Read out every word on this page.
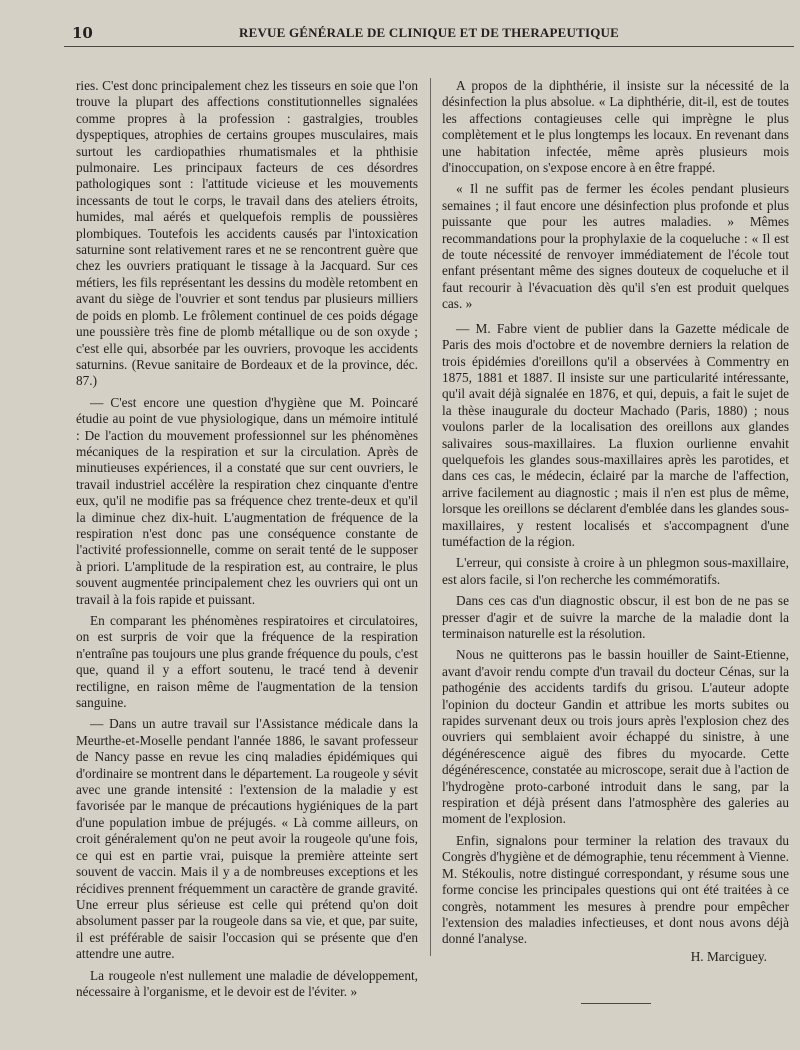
10	REVUE GÉNÉRALE DE CLINIQUE ET DE THERAPEUTIQUE

ries. C'est donc principalement chez les tisseurs en soie que l'on trouve la plupart des affections constitutionnelles signalées comme propres à la profession : gastralgies, troubles dyspeptiques, atrophies de certains groupes musculaires, mais surtout les cardiopathies rhumatismales et la phthisie pulmonaire. Les principaux facteurs de ces désordres pathologiques sont : l'attitude vicieuse et les mouvements incessants de tout le corps, le travail dans des ateliers étroits, humides, mal aérés et quelquefois remplis de poussières plombiques. Toutefois les accidents causés par l'intoxication saturnine sont relativement rares et ne se rencontrent guère que chez les ouvriers pratiquant le tissage à la Jacquard. Sur ces métiers, les fils représentant les dessins du modèle retombent en avant du siège de l'ouvrier et sont tendus par plusieurs milliers de poids en plomb. Le frôlement continuel de ces poids dégage une poussière très fine de plomb métallique ou de son oxyde ; c'est elle qui, absorbée par les ouvriers, provoque les accidents saturnins. (Revue sanitaire de Bordeaux et de la province, déc. 87.)

— C'est encore une question d'hygiène que M. Poincaré étudie au point de vue physiologique, dans un mémoire intitulé : De l'action du mouvement professionnel sur les phénomènes mécaniques de la respiration et sur la circulation. Après de minutieuses expériences, il a constaté que sur cent ouvriers, le travail industriel accélère la respiration chez cinquante d'entre eux, qu'il ne modifie pas sa fréquence chez trente-deux et qu'il la diminue chez dix-huit. L'augmentation de fréquence de la respiration n'est donc pas une conséquence constante de l'activité professionnelle, comme on serait tenté de le supposer à priori. L'amplitude de la respiration est, au contraire, le plus souvent augmentée principalement chez les ouvriers qui ont un travail à la fois rapide et puissant.

En comparant les phénomènes respiratoires et circulatoires, on est surpris de voir que la fréquence de la respiration n'entraîne pas toujours une plus grande fréquence du pouls, c'est que, quand il y a effort soutenu, le tracé tend à devenir rectiligne, en raison même de l'augmentation de la tension sanguine.

— Dans un autre travail sur l'Assistance médicale dans la Meurthe-et-Moselle pendant l'année 1886, le savant professeur de Nancy passe en revue les cinq maladies épidémiques qui d'ordinaire se montrent dans le département. La rougeole y sévit avec une grande intensité : l'extension de la maladie y est favorisée par le manque de précautions hygiéniques de la part d'une population imbue de préjugés. « Là comme ailleurs, on croit généralement qu'on ne peut avoir la rougeole qu'une fois, ce qui est en partie vrai, puisque la première atteinte sert souvent de vaccin. Mais il y a de nombreuses exceptions et les récidives prennent fréquemment un caractère de grande gravité. Une erreur plus sérieuse est celle qui prétend qu'on doit absolument passer par la rougeole dans sa vie, et que, par suite, il est préférable de saisir l'occasion qui se présente que d'en attendre une autre.

La rougeole n'est nullement une maladie de développement, nécessaire à l'organisme, et le devoir est de l'éviter. »

A propos de la diphthérie, il insiste sur la nécessité de la désinfection la plus absolue. « La diphthérie, dit-il, est de toutes les affections contagieuses celle qui imprègne le plus complètement et le plus longtemps les locaux. En revenant dans une habitation infectée, même après plusieurs mois d'inoccupation, on s'expose encore à en être frappé.

« Il ne suffit pas de fermer les écoles pendant plusieurs semaines ; il faut encore une désinfection plus profonde et plus puissante que pour les autres maladies. » Mêmes recommandations pour la prophylaxie de la coqueluche : « Il est de toute nécessité de renvoyer immédiatement de l'école tout enfant présentant même des signes douteux de coqueluche et il faut recourir à l'évacuation dès qu'il s'en est produit quelques cas. »

— M. Fabre vient de publier dans la Gazette médicale de Paris des mois d'octobre et de novembre derniers la relation de trois épidémies d'oreillons qu'il a observées à Commentry en 1875, 1881 et 1887. Il insiste sur une particularité intéressante, qu'il avait déjà signalée en 1876, et qui, depuis, a fait le sujet de la thèse inaugurale du docteur Machado (Paris, 1880) ; nous voulons parler de la localisation des oreillons aux glandes salivaires sous-maxillaires. La fluxion ourlienne envahit quelquefois les glandes sous-maxillaires après les parotides, et dans ces cas, le médecin, éclairé par la marche de l'affection, arrive facilement au diagnostic ; mais il n'en est plus de même, lorsque les oreillons se déclarent d'emblée dans les glandes sous-maxillaires, y restent localisés et s'accompagnent d'une tuméfaction de la région.

L'erreur, qui consiste à croire à un phlegmon sous-maxillaire, est alors facile, si l'on recherche les commémoratifs.

Dans ces cas d'un diagnostic obscur, il est bon de ne pas se presser d'agir et de suivre la marche de la maladie dont la terminaison naturelle est la résolution.

Nous ne quitterons pas le bassin houiller de Saint-Etienne, avant d'avoir rendu compte d'un travail du docteur Cénas, sur la pathogénie des accidents tardifs du grisou. L'auteur adopte l'opinion du docteur Gandin et attribue les morts subites ou rapides survenant deux ou trois jours après l'explosion chez des ouvriers qui semblaient avoir échappé du sinistre, à une dégénérescence aiguë des fibres du myocarde. Cette dégénérescence, constatée au microscope, serait due à l'action de l'hydrogène proto-carboné introduit dans le sang, par la respiration et déjà présent dans l'atmosphère des galeries au moment de l'explosion.

Enfin, signalons pour terminer la relation des travaux du Congrès d'hygiène et de démographie, tenu récemment à Vienne. M. Stékoulis, notre distingué correspondant, y résume sous une forme concise les principales questions qui ont été traitées à ce congrès, notamment les mesures à prendre pour empêcher l'extension des maladies infectieuses, et dont nous avons déjà donné l'analyse.

H. Marciguey.
